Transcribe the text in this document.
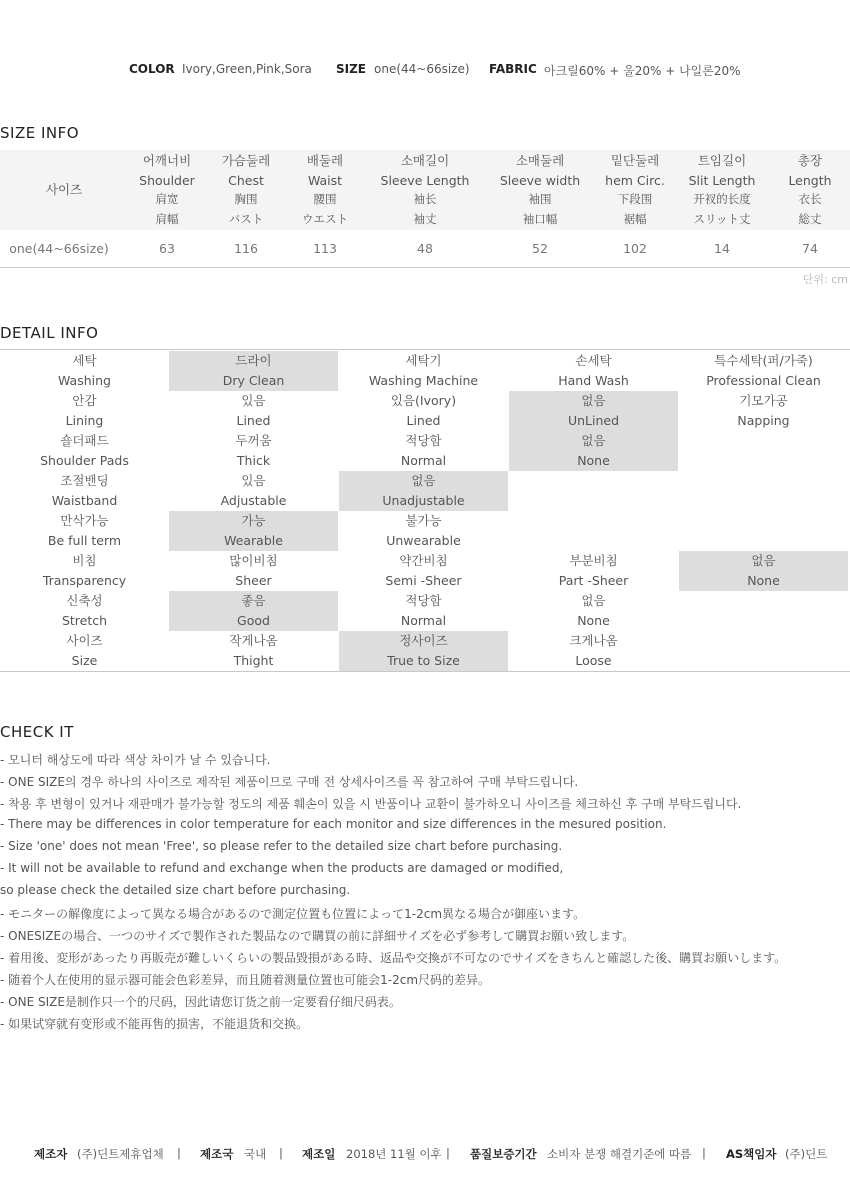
COLOR Ivory,Green,Pink,Sora SIZE one(44~66size) FABRIC 아크릴60% + 울20% + 나일론20%
SIZE INFO
사이즈
어깨너비
Shoulder
肩宽
肩幅
63
가슴둘레
Chest
胸围
バスト
116
배둘레
Waist
腰围
ウエスト
113
소매길이
Sleeve Length
袖长
袖丈
48
소매둘레
Sleeve width
袖围
袖口幅
52
밑단둘레
hem Circ.
下段围
裾幅
102
트임길이
Slit Length
开衩的长度
スリット丈
14
총장
Length
衣长
総丈
74
one(44~66size)
단위: cm
DETAIL INFO
세탁
Washing
드라이
Dry Clean
세탁기
Washing Machine
손세탁
Hand Wash
특수세탁(퍼/가죽)
Professional Clean
안감
Lining
있음
Lined
있음(Ivory)
Lined
없음
UnLined
기모가공
Napping
숄더패드
Shoulder Pads
두꺼움
Thick
적당함
Normal
없음
None
조절밴딩
Waistband
있음
Adjustable
없음
Unadjustable
만삭가능
Be full term
가능
Wearable
불가능
Unwearable
비침
Transparency
많이비침
Sheer
약간비침
Semi -Sheer
부분비침
Part -Sheer
없음
None
신축성
Stretch
좋음
Good
적당함
Normal
없음
None
사이즈
Size
작게나옴
Thight
정사이즈
True to Size
크게나옴
Loose
CHECK IT
- 모니터 해상도에 따라 색상 차이가 날 수 있습니다.
- ONE SIZE의 경우 하나의 사이즈로 제작된 제품이므로 구매 전 상세사이즈를 꼭 참고하여 구매 부탁드립니다.
- 착용 후 변형이 있거나 재판매가 불가능할 정도의 제품 훼손이 있을 시 반품이나 교환이 불가하오니 사이즈를 체크하신 후 구매 부탁드립니다.
- There may be differences in color temperature for each monitor and size differences in the mesured position.
- Size 'one' does not mean 'Free', so please refer to the detailed size chart before purchasing.
- It will not be available to refund and exchange when the products are damaged or modified,
so please check the detailed size chart before purchasing.
- モニターの解像度によって異なる場合があるので測定位置も位置によって1-2cm異なる場合が御座います。
- ONESIZEの場合、一つのサイズで製作された製品なので購買の前に詳細サイズを必ず参考して購買お願い致します。
- 着用後、変形があったり再販売が難しいくらいの製品毀損がある時、返品や交換が不可なのでサイズをきちんと確認した後、購買お願いします。
- 随着个人在使用的显示器可能会色彩差异，而且随着测量位置也可能会1-2cm尺码的差异。
- ONE SIZE是制作只一个的尺码，因此请您订货之前一定要看仔细尺码表。
- 如果试穿就有变形或不能再售的损害，不能退货和交换。
제조자 (주)딘트제휴업체 | 제조국 국내 | 제조일 2018년 11월 이후 | 품질보증기간 소비자 분쟁 해결기준에 따름 | AS책임자 (주)딘트
